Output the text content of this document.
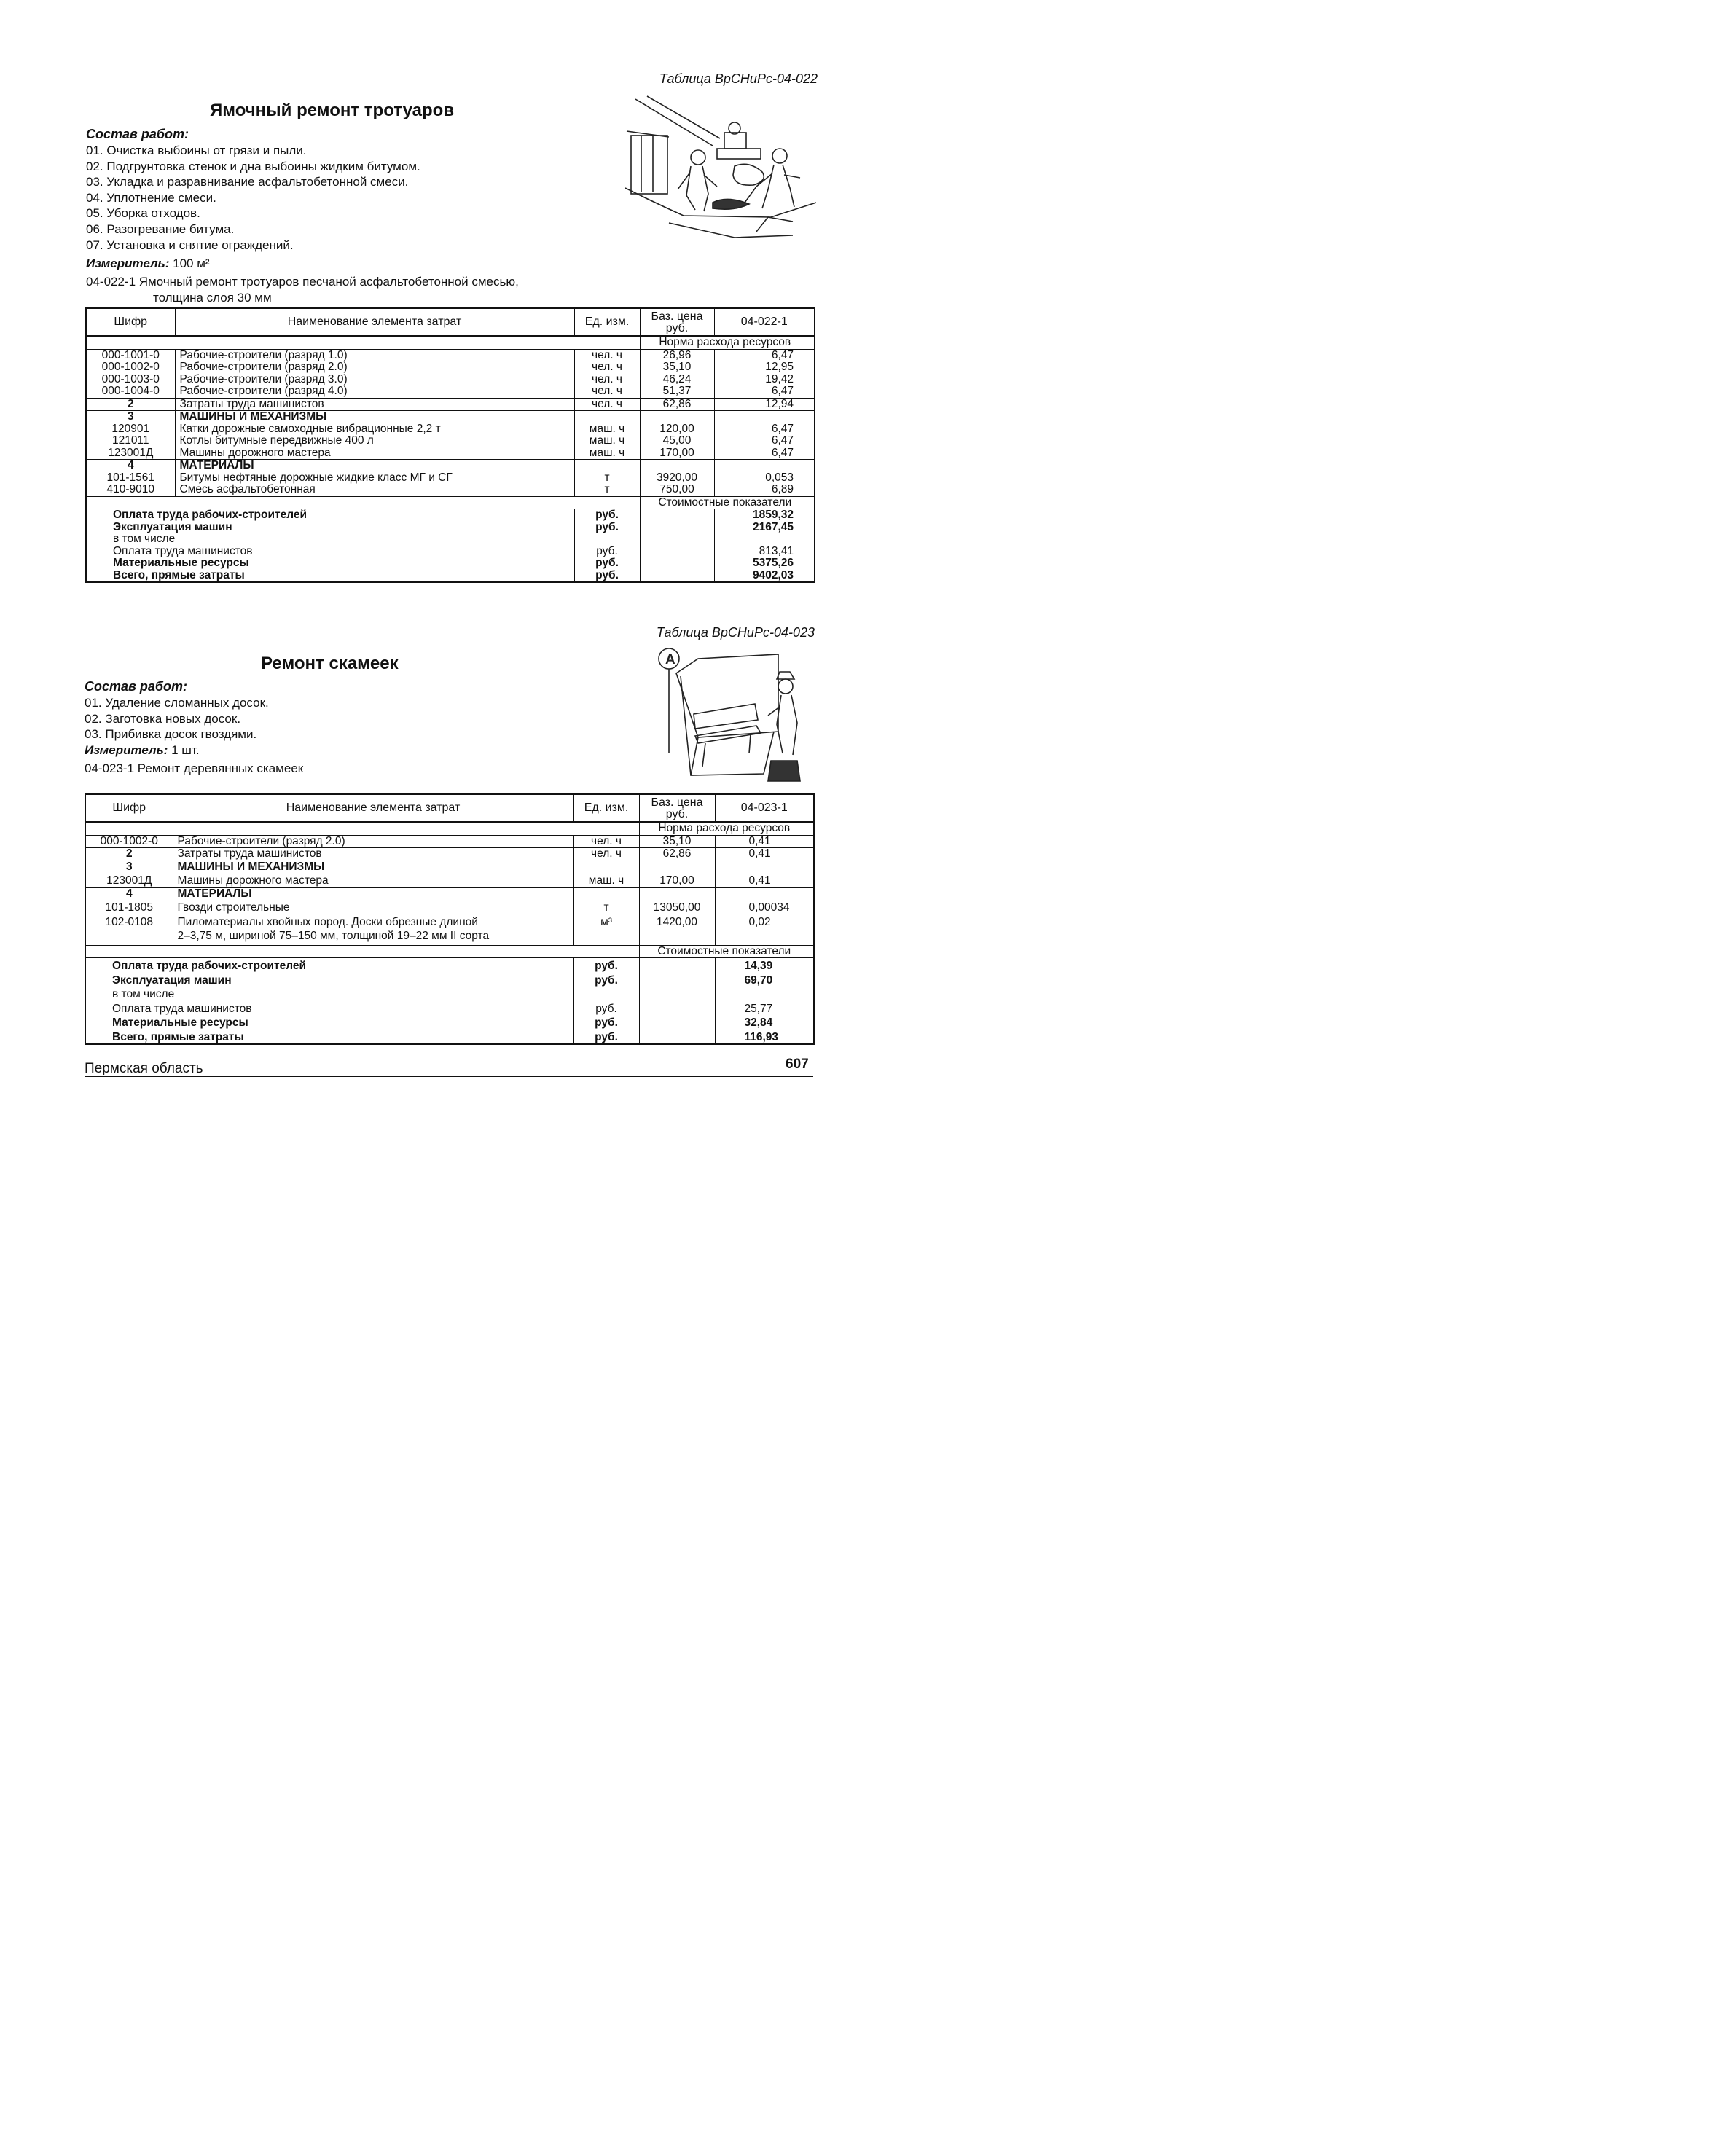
Таблица ВрСНиРс-04-022
Ямочный ремонт тротуаров
Состав работ:
01. Очистка выбоины от грязи и пыли.
02. Подгрунтовка стенок и дна выбоины жидким битумом.
03. Укладка и разравнивание асфальтобетонной смеси.
04. Уплотнение смеси.
05. Уборка отходов.
06. Разогревание битума.
07. Установка и снятие ограждений.
Измеритель: 100 м²
04-022-1 Ямочный ремонт тротуаров песчаной асфальтобетонной смесью,
толщина слоя 30 мм
Шифр	Наименование элемента затрат	Ед. изм.	Баз. цена
руб.	04-022-1
			Норма расхода ресурсов	
000-1001-0	Рабочие-строители (разряд 1.0)	чел. ч	26,96	6,47
000-1002-0	Рабочие-строители (разряд 2.0)	чел. ч	35,10	12,95
000-1003-0	Рабочие-строители (разряд 3.0)	чел. ч	46,24	19,42
000-1004-0	Рабочие-строители (разряд 4.0)	чел. ч	51,37	6,47
2	Затраты труда машинистов	чел. ч	62,86	12,94
3	МАШИНЫ И МЕХАНИЗМЫ			
120901	Катки дорожные самоходные вибрационные 2,2 т	маш. ч	120,00	6,47
121011	Котлы битумные передвижные 400 л	маш. ч	45,00	6,47
123001Д	Машины дорожного мастера	маш. ч	170,00	6,47
4	МАТЕРИАЛЫ			
101-1561	Битумы нефтяные дорожные жидкие класс МГ и СГ	т	3920,00	0,053
410-9010	Смесь асфальтобетонная	т	750,00	6,89
			Стоимостные показатели	
Оплата труда рабочих-строителей		руб.		1859,32
Эксплуатация машин		руб.		2167,45
в том числе				
Оплата труда машинистов		руб.		813,41
Материальные ресурсы		руб.		5375,26
Всего, прямые затраты		руб.		9402,03
Таблица ВрСНиРс-04-023
Ремонт скамеек
Состав работ:
01. Удаление сломанных досок.
02. Заготовка новых досок.
03. Прибивка досок гвоздями.
Измеритель: 1 шт.
04-023-1 Ремонт деревянных скамеек
A
Шифр	Наименование элемента затрат	Ед. изм.	Баз. цена
руб.	04-023-1
			Норма расхода ресурсов	
000-1002-0	Рабочие-строители (разряд 2.0)	чел. ч	35,10	0,41
2	Затраты труда машинистов	чел. ч	62,86	0,41
3	МАШИНЫ И МЕХАНИЗМЫ			
123001Д	Машины дорожного мастера	маш. ч	170,00	0,41
4	МАТЕРИАЛЫ			
101-1805	Гвозди строительные	т	13050,00	0,00034
102-0108	Пиломатериалы хвойных пород. Доски обрезные длиной	м³	1420,00	0,02
	2–3,75 м, шириной 75–150 мм, толщиной 19–22 мм II сорта			
			Стоимостные показатели	
Оплата труда рабочих-строителей		руб.		14,39
Эксплуатация машин		руб.		69,70
в том числе				
Оплата труда машинистов		руб.		25,77
Материальные ресурсы		руб.		32,84
Всего, прямые затраты		руб.		116,93
Пермская область	607
